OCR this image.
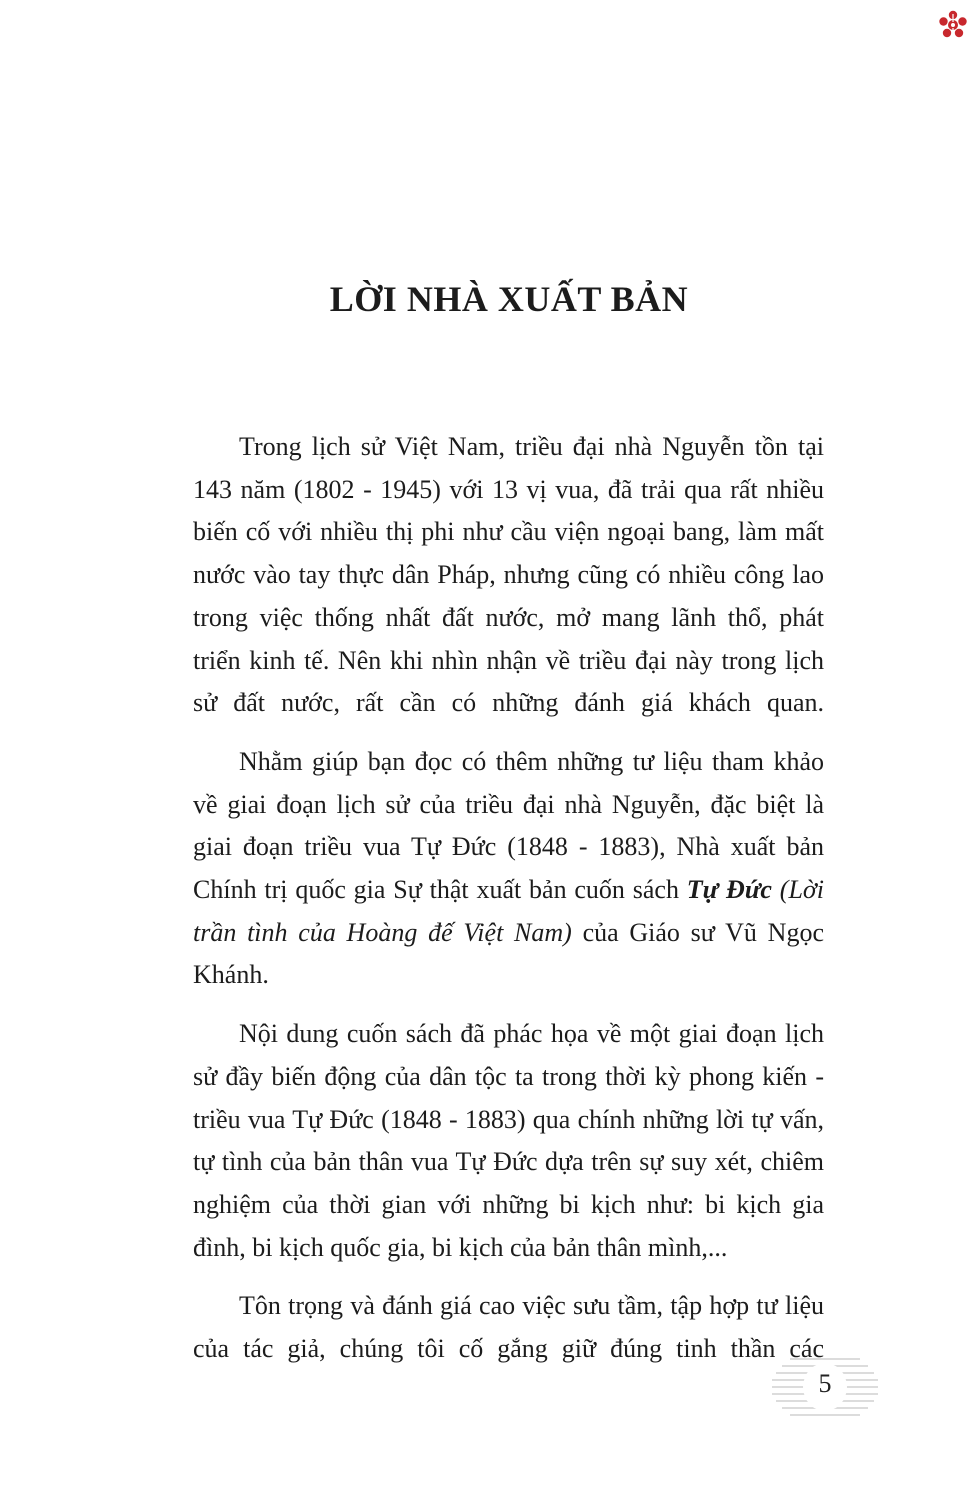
LỜI NHÀ XUẤT BẢN

Trong lịch sử Việt Nam, triều đại nhà Nguyễn tồn tại 143 năm (1802 - 1945) với 13 vị vua, đã trải qua rất nhiều biến cố với nhiều thị phi như cầu viện ngoại bang, làm mất nước vào tay thực dân Pháp, nhưng cũng có nhiều công lao trong việc thống nhất đất nước, mở mang lãnh thổ, phát triển kinh tế. Nên khi nhìn nhận về triều đại này trong lịch sử đất nước, rất cần có những đánh giá khách quan.

Nhằm giúp bạn đọc có thêm những tư liệu tham khảo về giai đoạn lịch sử của triều đại nhà Nguyễn, đặc biệt là giai đoạn triều vua Tự Đức (1848 - 1883), Nhà xuất bản Chính trị quốc gia Sự thật xuất bản cuốn sách Tự Đức (Lời trần tình của Hoàng đế Việt Nam) của Giáo sư Vũ Ngọc Khánh.

Nội dung cuốn sách đã phác họa về một giai đoạn lịch sử đầy biến động của dân tộc ta trong thời kỳ phong kiến - triều vua Tự Đức (1848 - 1883) qua chính những lời tự vấn, tự tình của bản thân vua Tự Đức dựa trên sự suy xét, chiêm nghiệm của thời gian với những bi kịch như: bi kịch gia đình, bi kịch quốc gia, bi kịch của bản thân mình,...

Tôn trọng và đánh giá cao việc sưu tầm, tập hợp tư liệu của tác giả, chúng tôi cố gắng giữ đúng tinh thần các

5
